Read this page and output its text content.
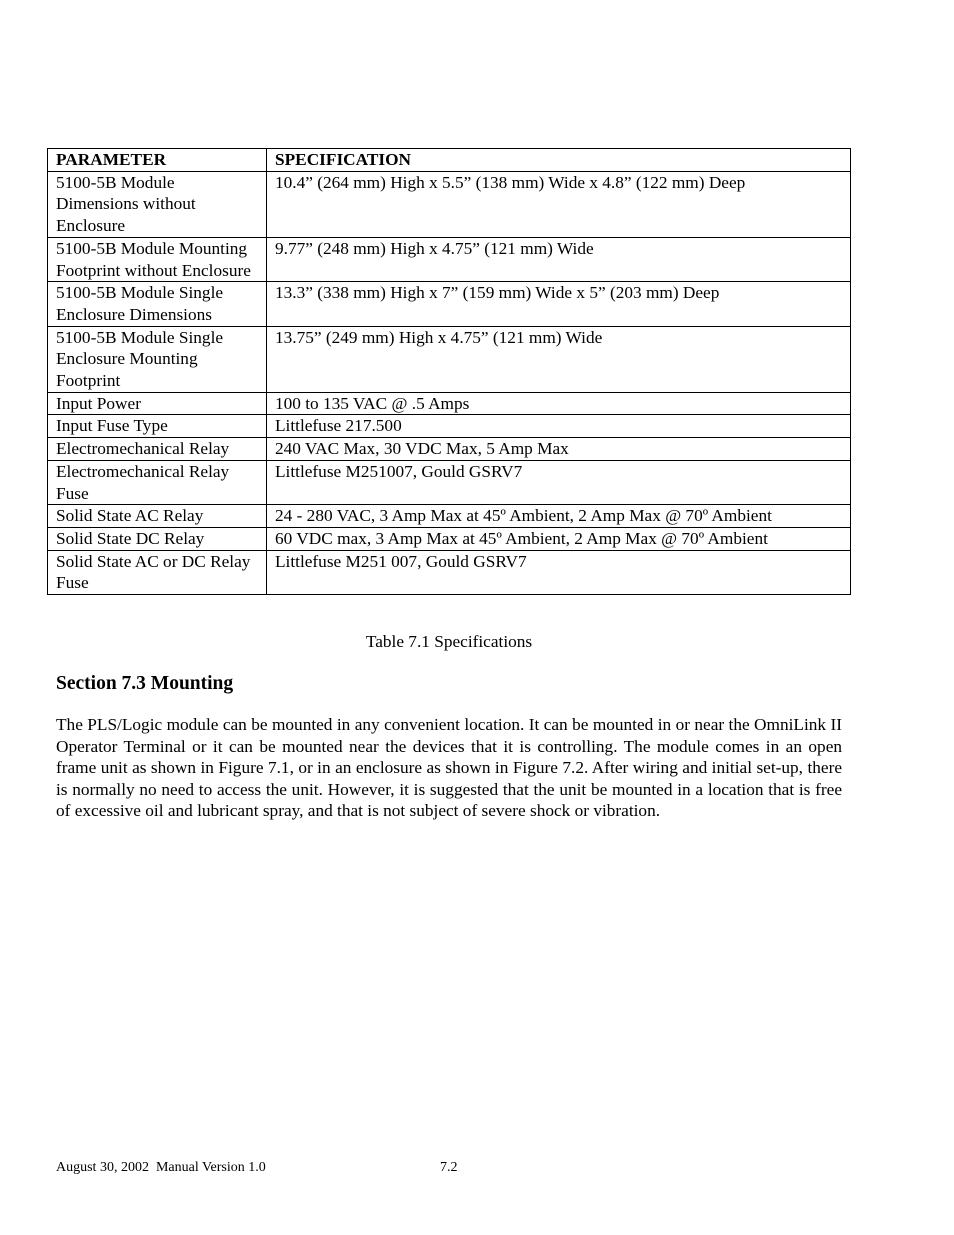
PARAMETER	SPECIFICATION
5100-5B Module Dimensions without Enclosure	10.4” (264 mm) High x 5.5” (138 mm) Wide x 4.8” (122 mm) Deep
5100-5B Module Mounting Footprint without Enclosure	9.77” (248 mm) High x 4.75” (121 mm) Wide
5100-5B Module Single Enclosure Dimensions	13.3” (338 mm) High x 7” (159 mm) Wide x 5” (203 mm) Deep
5100-5B Module Single Enclosure Mounting Footprint	13.75” (249 mm) High x 4.75” (121 mm) Wide
Input Power	100 to 135 VAC @ .5 Amps
Input Fuse Type	Littlefuse 217.500
Electromechanical Relay	240 VAC Max, 30 VDC Max, 5 Amp Max
Electromechanical Relay Fuse	Littlefuse M251007, Gould GSRV7
Solid State AC Relay	24 - 280 VAC, 3 Amp Max at 45º Ambient, 2 Amp Max @ 70º Ambient
Solid State DC Relay	60 VDC max, 3 Amp Max at 45º Ambient, 2 Amp Max @ 70º Ambient
Solid State AC or DC Relay Fuse	Littlefuse M251 007, Gould GSRV7
Table 7.1 Specifications
Section 7.3 Mounting

The PLS/Logic module can be mounted in any convenient location. It can be mounted in or near the OmniLink II Operator Terminal or it can be mounted near the devices that it is controlling. The module comes in an open frame unit as shown in Figure 7.1, or in an enclosure as shown in Figure 7.2. After wiring and initial set-up, there is normally no need to access the unit. However, it is suggested that the unit be mounted in a location that is free of excessive oil and lubricant spray, and that is not subject of severe shock or vibration.

August 30, 2002  Manual Version 1.0	7.2
